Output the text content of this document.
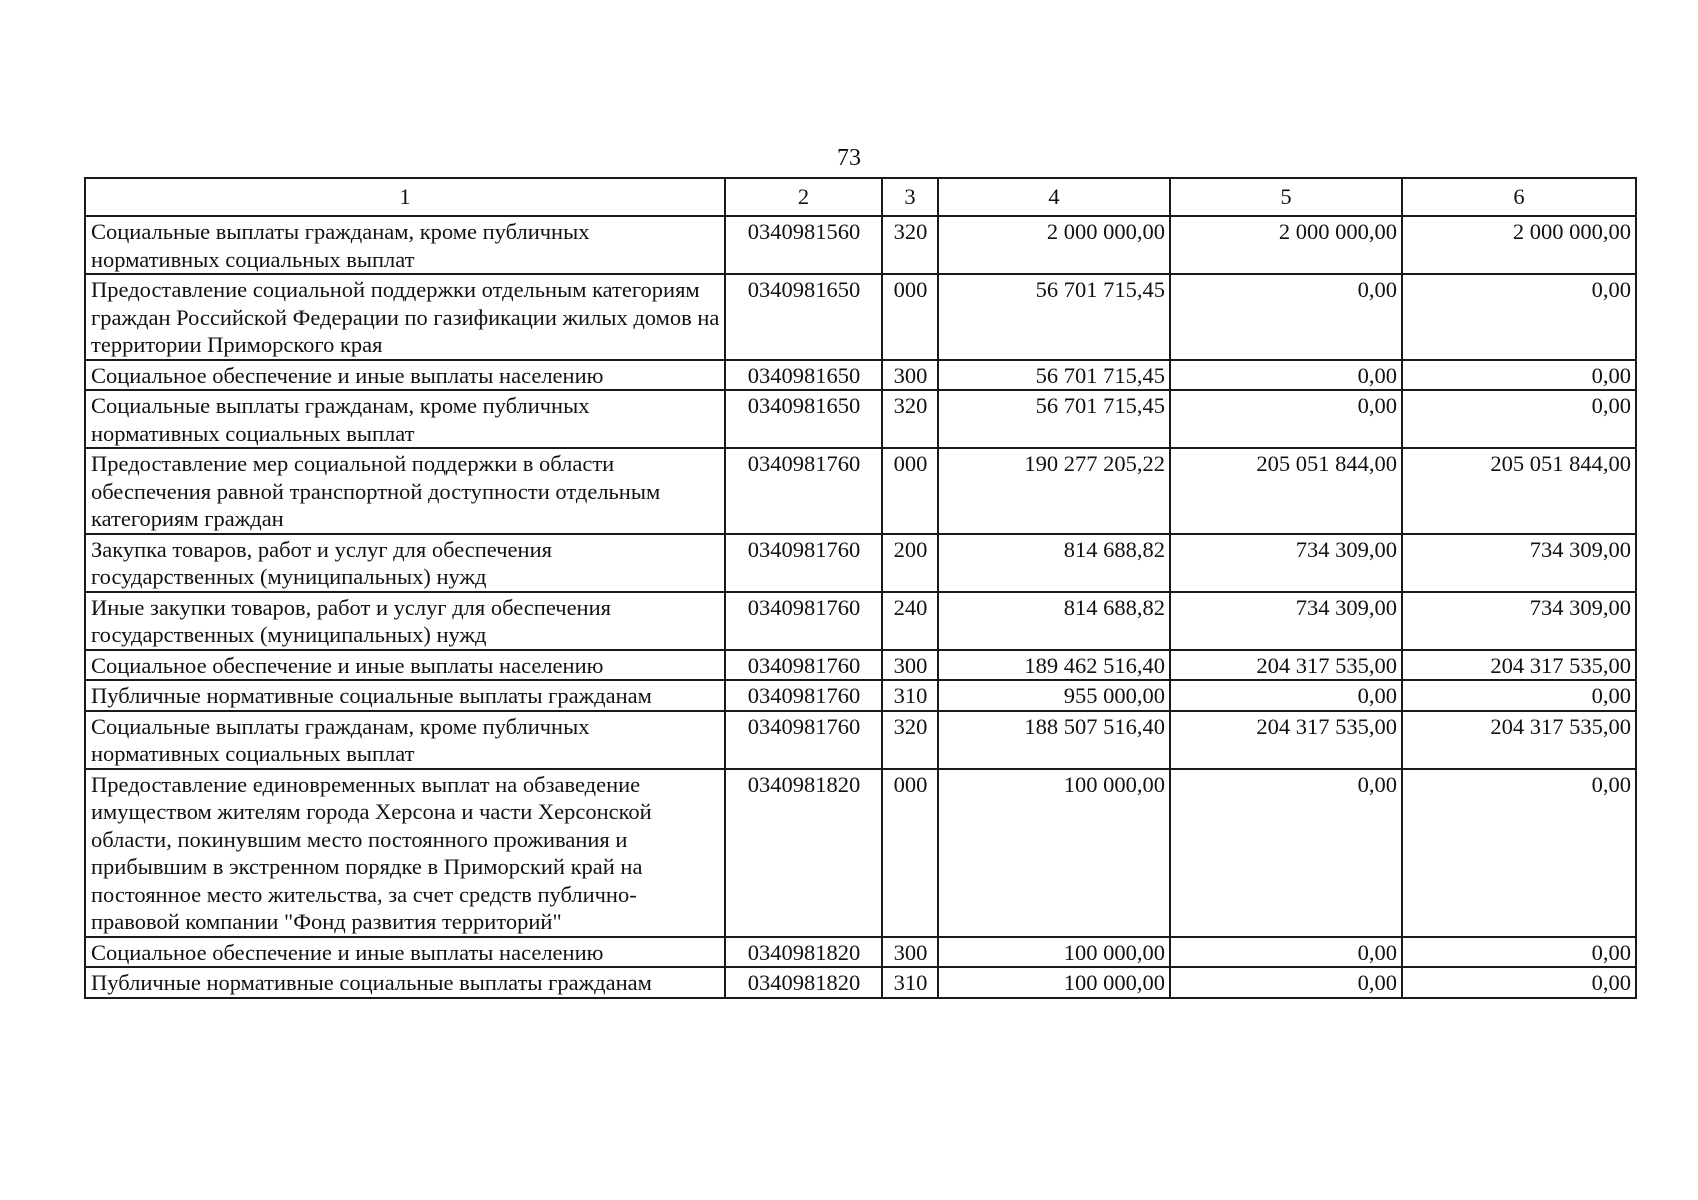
73
1	2	3	4	5	6
Социальные выплаты гражданам, кроме публичных нормативных социальных выплат	0340981560	320	2 000 000,00	2 000 000,00	2 000 000,00
Предоставление социальной поддержки отдельным категориям граждан Российской Федерации по газификации жилых домов на территории Приморского края	0340981650	000	56 701 715,45	0,00	0,00
Социальное обеспечение и иные выплаты населению	0340981650	300	56 701 715,45	0,00	0,00
Социальные выплаты гражданам, кроме публичных нормативных социальных выплат	0340981650	320	56 701 715,45	0,00	0,00
Предоставление мер социальной поддержки в области обеспечения равной транспортной доступности отдельным категориям граждан	0340981760	000	190 277 205,22	205 051 844,00	205 051 844,00
Закупка товаров, работ и услуг для обеспечения государственных (муниципальных) нужд	0340981760	200	814 688,82	734 309,00	734 309,00
Иные закупки товаров, работ и услуг для обеспечения государственных (муниципальных) нужд	0340981760	240	814 688,82	734 309,00	734 309,00
Социальное обеспечение и иные выплаты населению	0340981760	300	189 462 516,40	204 317 535,00	204 317 535,00
Публичные нормативные социальные выплаты гражданам	0340981760	310	955 000,00	0,00	0,00
Социальные выплаты гражданам, кроме публичных нормативных социальных выплат	0340981760	320	188 507 516,40	204 317 535,00	204 317 535,00
Предоставление единовременных выплат на обзаведение имуществом жителям города Херсона и части Херсонской области, покинувшим место постоянного проживания и прибывшим в экстренном порядке в Приморский край на постоянное место жительства, за счет средств публично-правовой компании "Фонд развития территорий"	0340981820	000	100 000,00	0,00	0,00
Социальное обеспечение и иные выплаты населению	0340981820	300	100 000,00	0,00	0,00
Публичные нормативные социальные выплаты гражданам	0340981820	310	100 000,00	0,00	0,00
